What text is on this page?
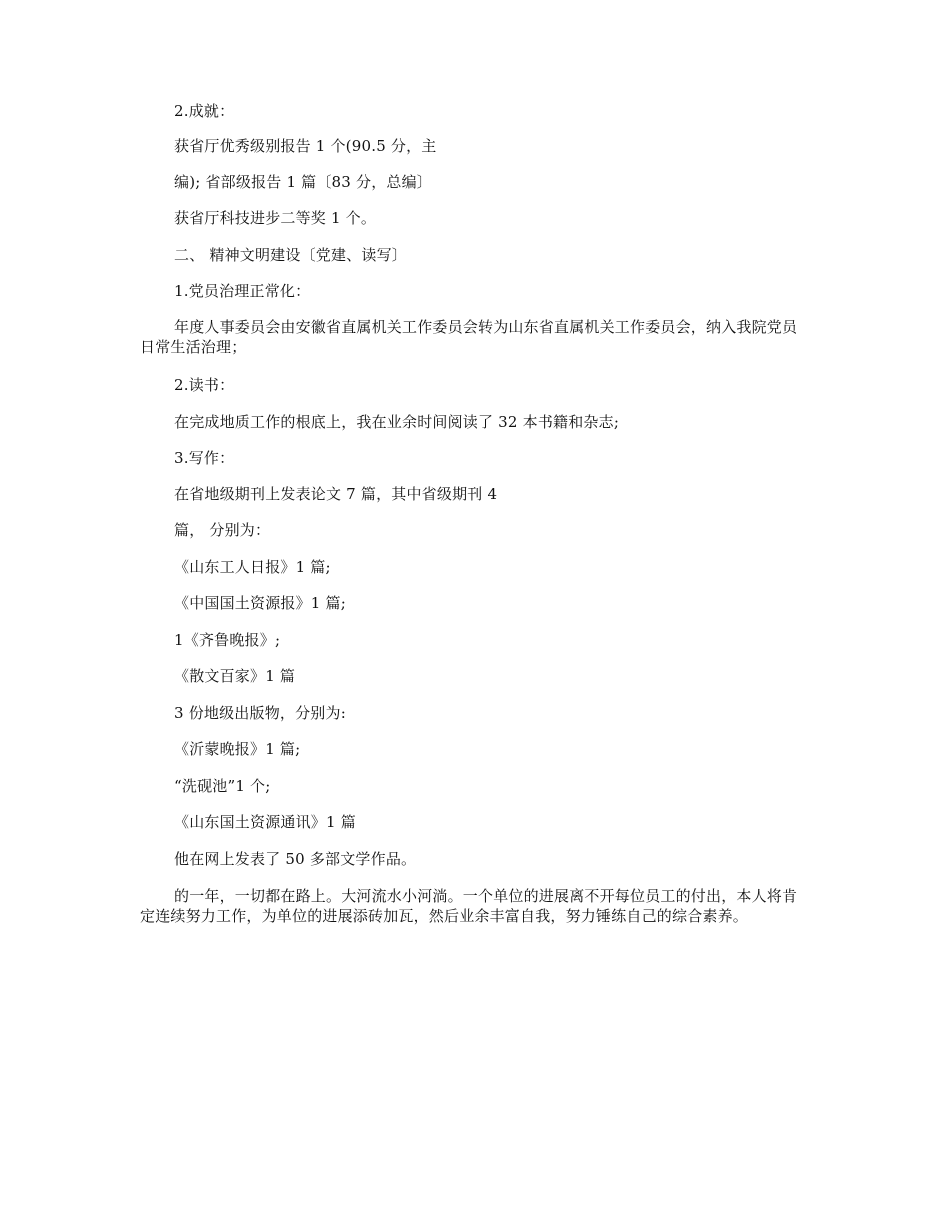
2.成就：
获省厅优秀级别报告 1 个(90.5 分，主
编); 省部级报告 1 篇〔83 分，总编〕
获省厅科技进步二等奖 1 个。
二、 精神文明建设〔党建、读写〕
1.党员治理正常化：
年度人事委员会由安徽省直属机关工作委员会转为山东省直属机关工作委员会，纳入我院党员日常生活治理；
2.读书：
在完成地质工作的根底上，我在业余时间阅读了 32 本书籍和杂志;
3.写作：
在省地级期刊上发表论文 7 篇，其中省级期刊 4
篇， 分别为：
《山东工人日报》1 篇;
《中国国土资源报》1 篇;
1《齐鲁晚报》;
《散文百家》1 篇
3 份地级出版物，分别为:
《沂蒙晚报》1 篇;
“洗砚池”1 个;
《山东国土资源通讯》1 篇
他在网上发表了 50 多部文学作品。
的一年，一切都在路上。大河流水小河淌。一个单位的进展离不开每位员工的付出，本人将肯定连续努力工作，为单位的进展添砖加瓦，然后业余丰富自我，努力锤练自己的综合素养。
